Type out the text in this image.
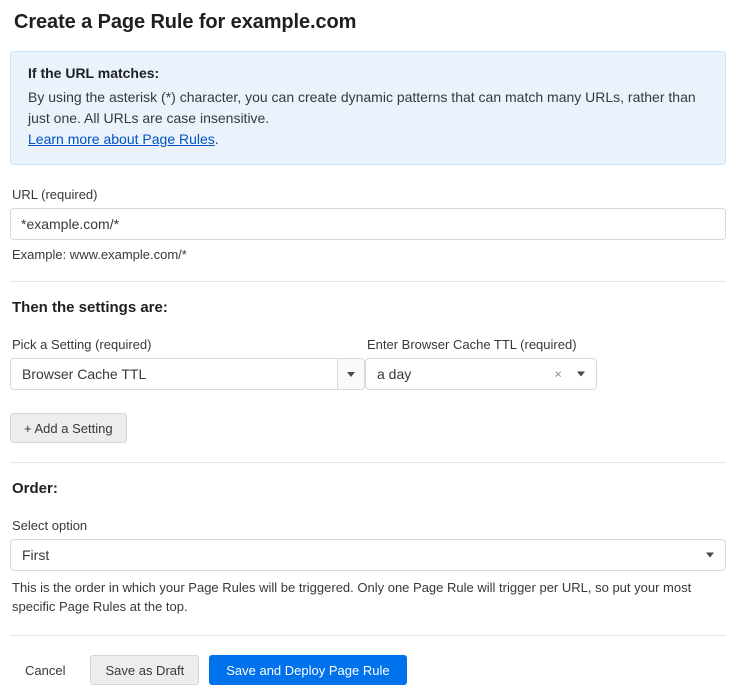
Create a Page Rule for example.com
If the URL matches:
By using the asterisk (*) character, you can create dynamic patterns that can match many URLs, rather than just one. All URLs are case insensitive.
Learn more about Page Rules.
URL (required)
*example.com/*
Example: www.example.com/*
Then the settings are:
Pick a Setting (required)
Browser Cache TTL
Enter Browser Cache TTL (required)
a day	×
+ Add a Setting
Order:
Select option
First
This is the order in which your Page Rules will be triggered. Only one Page Rule will trigger per URL, so put your most specific Page Rules at the top.
Cancel	Save as Draft	Save and Deploy Page Rule
